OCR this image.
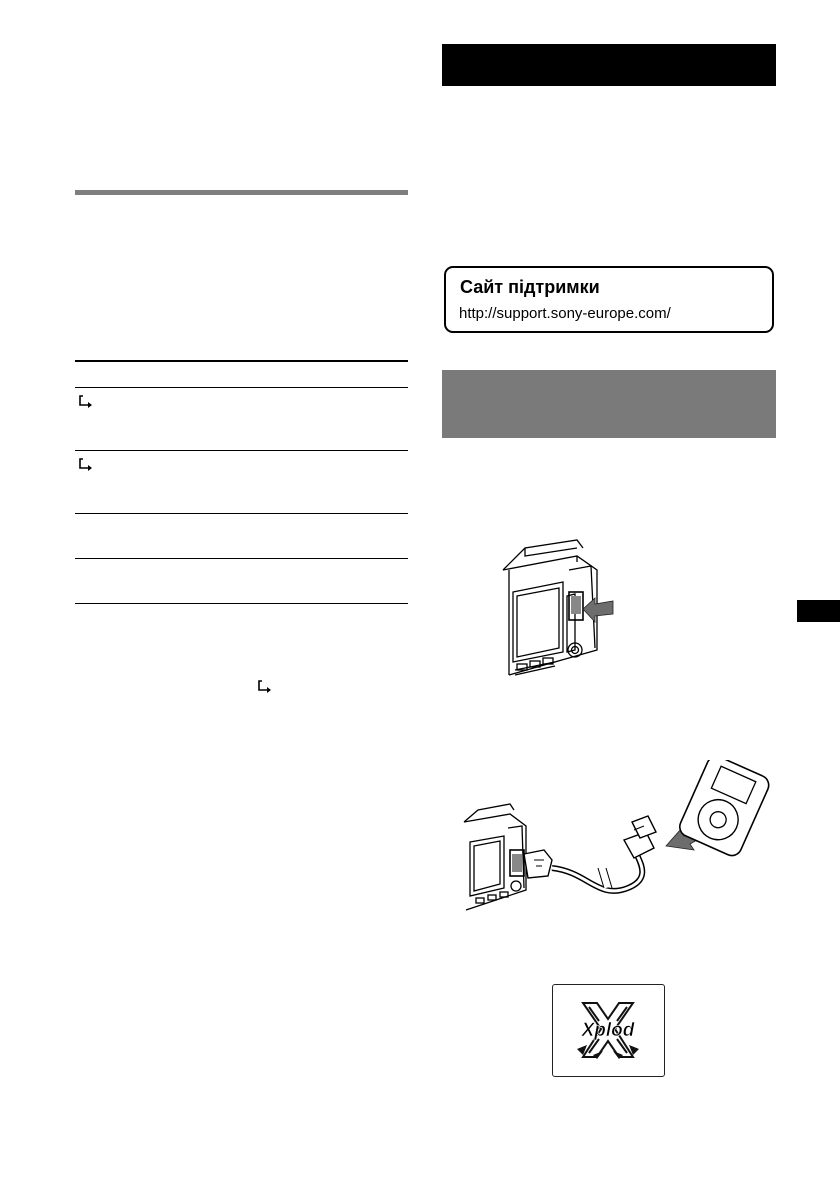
Сайт підтримки
http://support.sony-europe.com/
Xplod
